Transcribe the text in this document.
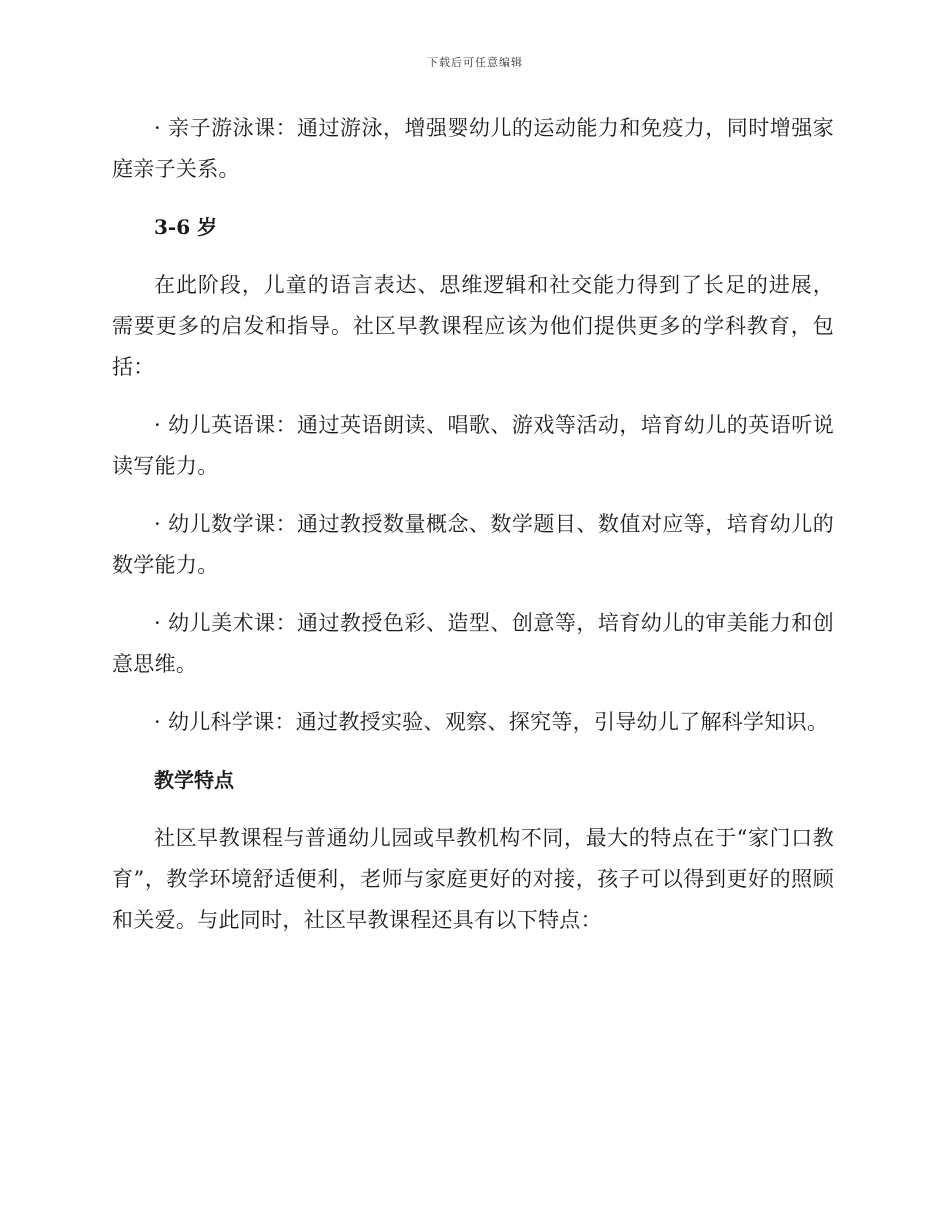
下载后可任意编辑

· 亲子游泳课：通过游泳，增强婴幼儿的运动能力和免疫力，同时增强家庭亲子关系。

3-6 岁

在此阶段，儿童的语言表达、思维逻辑和社交能力得到了长足的进展，需要更多的启发和指导。社区早教课程应该为他们提供更多的学科教育，包括：

· 幼儿英语课：通过英语朗读、唱歌、游戏等活动，培育幼儿的英语听说读写能力。

· 幼儿数学课：通过教授数量概念、数学题目、数值对应等，培育幼儿的数学能力。

· 幼儿美术课：通过教授色彩、造型、创意等，培育幼儿的审美能力和创意思维。

· 幼儿科学课：通过教授实验、观察、探究等，引导幼儿了解科学知识。

教学特点

社区早教课程与普通幼儿园或早教机构不同，最大的特点在于“家门口教育”，教学环境舒适便利，老师与家庭更好的对接，孩子可以得到更好的照顾和关爱。与此同时，社区早教课程还具有以下特点：
